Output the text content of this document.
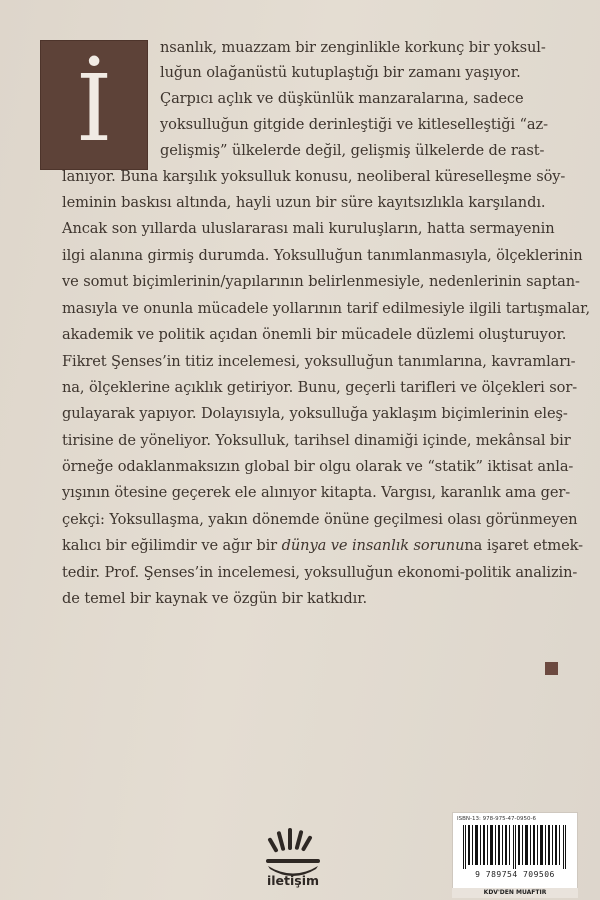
İ
nsanlık, muazzam bir zenginlikle korkunç bir yoksul-
luğun olağanüstü kutuplaştığı bir zamanı yaşıyor.
Çarpıcı açlık ve düşkünlük manzaralarına, sadece
yoksulluğun gitgide derinleştiği ve kitleselleştiği “az-
gelişmiş” ülkelerde değil, gelişmiş ülkelerde de rast-
lanıyor. Buna karşılık yoksulluk konusu, neoliberal küreselleşme söy-
leminin baskısı altında, hayli uzun bir süre kayıtsızlıkla karşılandı.
Ancak son yıllarda uluslararası mali kuruluşların, hatta sermayenin
ilgi alanına girmiş durumda. Yoksulluğun tanımlanmasıyla, ölçeklerinin
ve somut biçimlerinin/yapılarının belirlenmesiyle, nedenlerinin saptan-
masıyla ve onunla mücadele yollarının tarif edilmesiyle ilgili tartışmalar,
akademik ve politik açıdan önemli bir mücadele düzlemi oluşturuyor.
Fikret Şenses’in titiz incelemesi, yoksulluğun tanımlarına, kavramları-
na, ölçeklerine açıklık getiriyor. Bunu, geçerli tarifleri ve ölçekleri sor-
gulayarak yapıyor. Dolayısıyla, yoksulluğa yaklaşım biçimlerinin eleş-
tirisine de yöneliyor. Yoksulluk, tarihsel dinamiği içinde, mekânsal bir
örneğe odaklanmaksızın global bir olgu olarak ve “statik” iktisat anla-
yışının ötesine geçerek ele alınıyor kitapta. Vargısı, karanlık ama ger-
çekçi: Yoksullaşma, yakın dönemde önüne geçilmesi olası görünmeyen
kalıcı bir eğilimdir ve ağır bir dünya ve insanlık sorununa işaret etmek-
tedir. Prof. Şenses’in incelemesi, yoksulluğun ekonomi-politik analizin-
de temel bir kaynak ve özgün bir katkıdır.
iletişim
ISBN-13: 978-975-47-0950-6
9 789754 709506
KDV'DEN MUAFTIR
